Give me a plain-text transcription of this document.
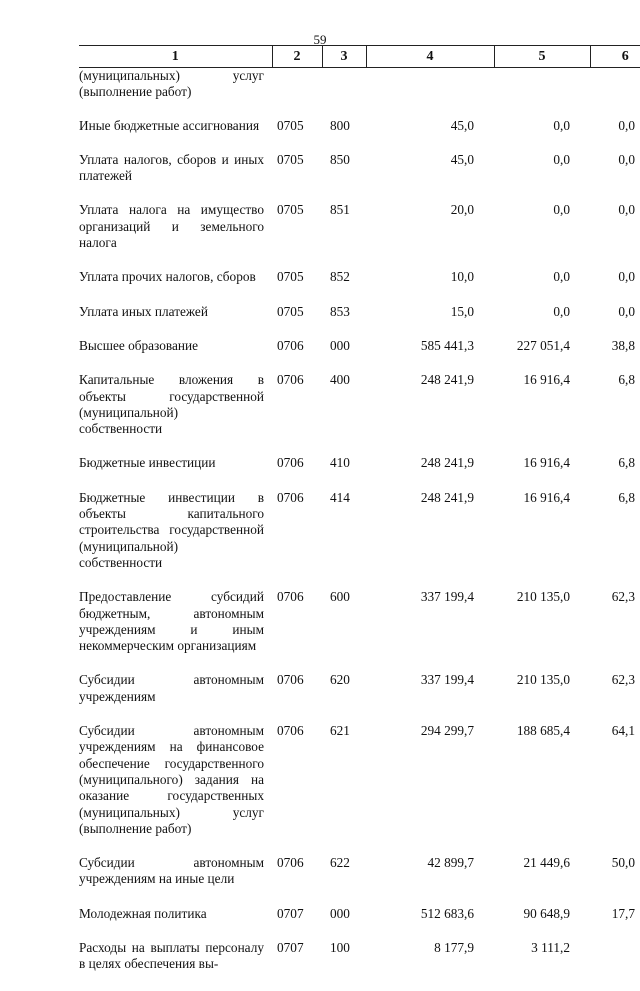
59
1	2	3	4	5	6
(муниципальных) услуг (выполнение работ)					
Иные бюджетные ассигнования	0705	800	45,0	0,0	0,0
Уплата налогов, сборов и иных платежей	0705	850	45,0	0,0	0,0
Уплата налога на имущество организаций и земельного налога	0705	851	20,0	0,0	0,0
Уплата прочих налогов, сборов	0705	852	10,0	0,0	0,0
Уплата иных платежей	0705	853	15,0	0,0	0,0
Высшее образование	0706	000	585 441,3	227 051,4	38,8
Капитальные вложения в объекты государственной (муниципальной) собственности	0706	400	248 241,9	16 916,4	6,8
Бюджетные инвестиции	0706	410	248 241,9	16 916,4	6,8
Бюджетные инвестиции в объекты капитального строительства государственной (муниципальной) собственности	0706	414	248 241,9	16 916,4	6,8
Предоставление субсидий бюджетным, автономным учреждениям и иным некоммерческим организациям	0706	600	337 199,4	210 135,0	62,3
Субсидии автономным учреждениям	0706	620	337 199,4	210 135,0	62,3
Субсидии автономным учреждениям на финансовое обеспечение государственного (муниципального) задания на оказание государственных (муниципальных) услуг (выполнение работ)	0706	621	294 299,7	188 685,4	64,1
Субсидии автономным учреждениям на иные цели	0706	622	42 899,7	21 449,6	50,0
Молодежная политика	0707	000	512 683,6	90 648,9	17,7
Расходы на выплаты персоналу в целях обеспечения вы-	0707	100	8 177,9	3 111,2	
